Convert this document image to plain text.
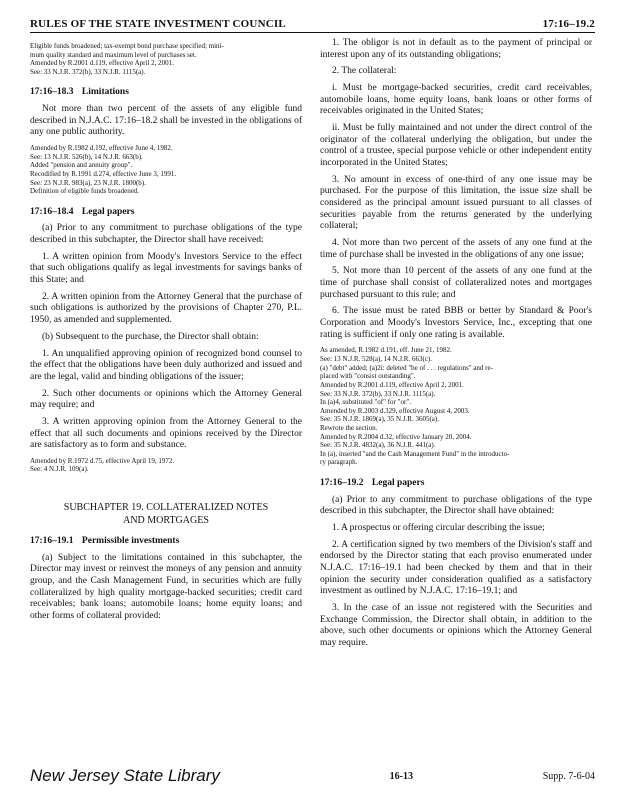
RULES OF THE STATE INVESTMENT COUNCIL	17:16–19.2

Eligible funds broadened; tax-exempt bond purchase specified; mini-

mum quality standard and maximum level of purchases set.

Amended by R.2001 d.119, effective April 2, 2001.

See: 33 N.J.R. 372(b), 33 N.J.R. 1115(a).

17:16–18.3 Limitations

Not more than two percent of the assets of any eligible fund described in N.J.A.C. 17:16–18.2 shall be invested in the obligations of any one public authority.

Amended by R.1982 d.192, effective June 4, 1982.

See: 13 N.J.R. 526(b), 14 N.J.R. 663(b).

Added "pension and annuity group".

Recodified by R.1991 d.274, effective June 3, 1991.

See: 23 N.J.R. 983(a), 23 N.J.R. 1800(b).

Definition of eligible funds broadened.

17:16–18.4 Legal papers

(a) Prior to any commitment to purchase obligations of the type described in this subchapter, the Director shall have received:

1. A written opinion from Moody's Investors Service to the effect that such obligations qualify as legal investments for savings banks of this State; and

2. A written opinion from the Attorney General that the purchase of such obligations is authorized by the provisions of Chapter 270, P.L. 1950, as amended and supplemented.

(b) Subsequent to the purchase, the Director shall obtain:

1. An unqualified approving opinion of recognized bond counsel to the effect that the obligations have been duly authorized and issued and are the legal, valid and binding obligations of the issuer;

2. Such other documents or opinions which the Attorney General may require; and

3. A written approving opinion from the Attorney General to the effect that all such documents and opinions received by the Director are satisfactory as to form and substance.

Amended by R.1972 d.75, effective April 19, 1972.

See: 4 N.J.R. 109(a).

SUBCHAPTER 19. COLLATERALIZED NOTES
AND MORTGAGES
17:16–19.1 Permissible investments

(a) Subject to the limitations contained in this subchapter, the Director may invest or reinvest the moneys of any pension and annuity group, and the Cash Management Fund, in securities which are fully collateralized by high quality mortgage-backed securities; credit card receivables; bank loans; automobile loans; home equity loans; and other forms of collateral provided:

1. The obligor is not in default as to the payment of principal or interest upon any of its outstanding obligations;

2. The collateral:

i. Must be mortgage-backed securities, credit card receivables, automobile loans, home equity loans, bank loans or other forms of receivables originated in the United States;

ii. Must be fully maintained and not under the direct control of the originator of the collateral underlying the obligation, but under the control of a trustee, special purpose vehicle or other independent entity incorporated in the United States;

3. No amount in excess of one-third of any one issue may be purchased. For the purpose of this limitation, the issue size shall be considered as the principal amount issued pursuant to all classes of securities payable from the returns generated by the underlying collateral;

4. Not more than two percent of the assets of any one fund at the time of purchase shall be invested in the obligations of any one issue;

5. Not more than 10 percent of the assets of any one fund at the time of purchase shall consist of collateralized notes and mortgages purchased pursuant to this rule; and

6. The issue must be rated BBB or better by Standard & Poor's Corporation and Moody's Investors Service, Inc., excepting that one rating is sufficient if only one rating is available.

As amended, R.1982 d.191, eff. June 21, 1982.

See: 13 N.J.R. 528(a), 14 N.J.R. 663(c).

(a) "debt" added; (a)2i: deleted "be of . . . regulations" and re-

placed with "consist outstanding".

Amended by R.2001 d.119, effective April 2, 2001.

See: 33 N.J.R. 372(b), 33 N.J.R. 1115(a).

In (a)4, substituted "of" for "or".

Amended by R.2003 d.329, effective August 4, 2003.

See: 35 N.J.R. 1869(a), 35 N.J.R. 3605(a).

Rewrote the section.

Amended by R.2004 d.32, effective January 20, 2004.

See: 35 N.J.R. 4832(a), 36 N.J.R. 441(a).

In (a), inserted "and the Cash Management Fund" in the introducto-

ry paragraph.

17:16–19.2 Legal papers

(a) Prior to any commitment to purchase obligations of the type described in this subchapter, the Director shall have obtained:

1. A prospectus or offering circular describing the issue;

2. A certification signed by two members of the Division's staff and endorsed by the Director stating that each proviso enumerated under N.J.A.C. 17:16–19.1 had been checked by them and that in their opinion the security under consideration qualified as a satisfactory investment as outlined by N.J.A.C. 17:16–19.1; and

3. In the case of an issue not registered with the Securities and Exchange Commission, the Director shall obtain, in addition to the above, such other documents or opinions which the Attorney General may require.

New Jersey State Library	16-13	Supp. 7-6-04
